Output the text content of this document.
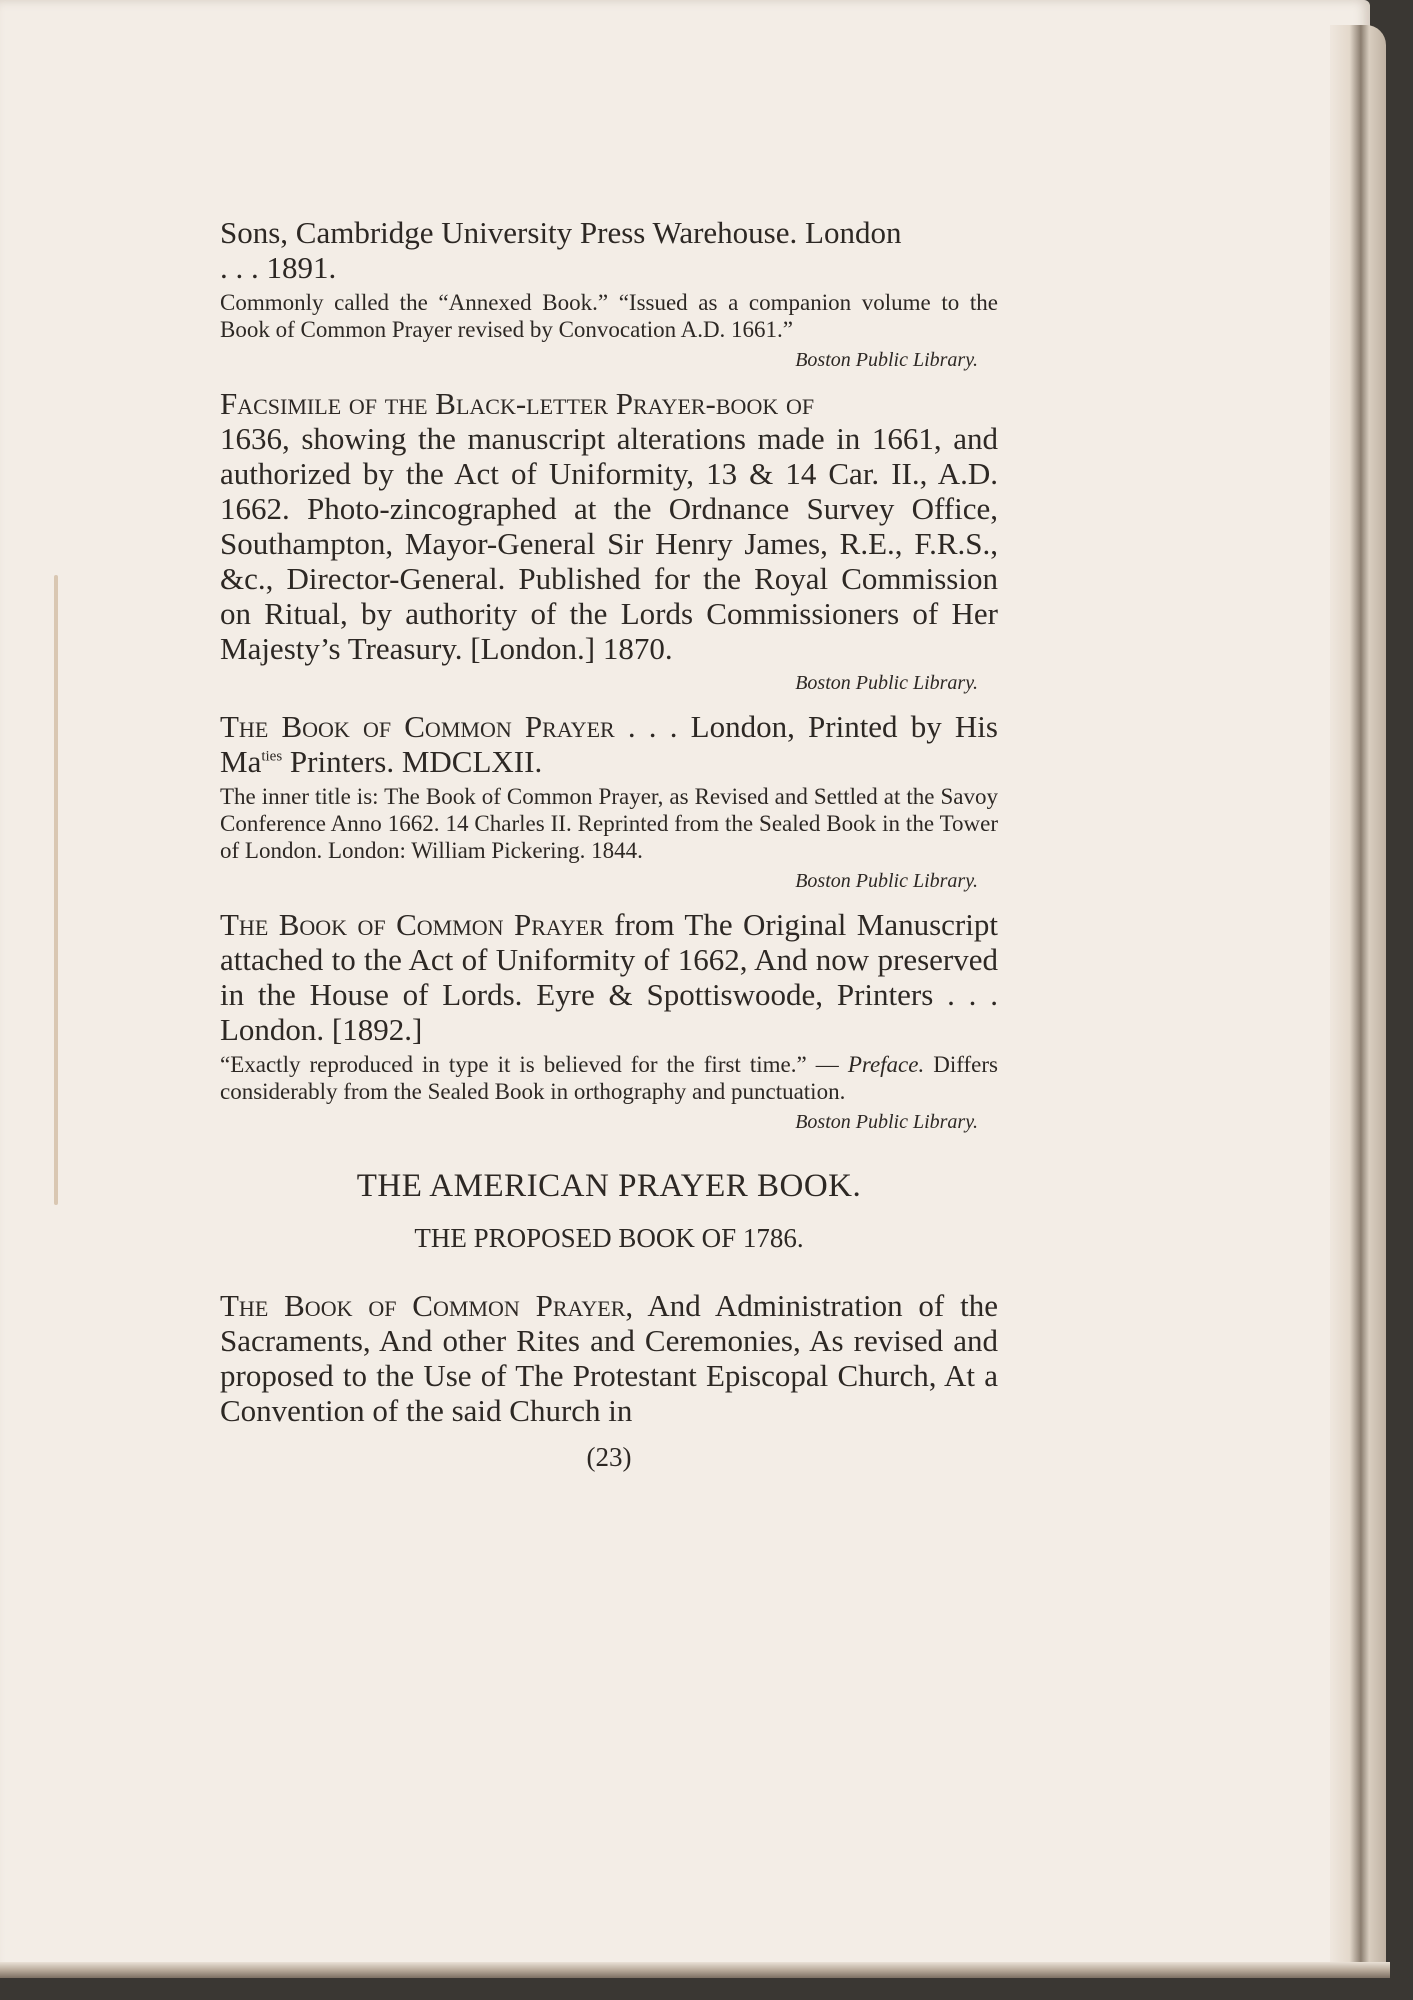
Sons, Cambridge University Press Warehouse. London

. . . 1891.

Commonly called the “Annexed Book.” “Issued as a companion volume to the Book of Common Prayer revised by Convocation A.D. 1661.”

Boston Public Library.

Facsimile of the Black-letter Prayer-book of

1636, showing the manuscript alterations made in 1661, and authorized by the Act of Uniformity, 13 & 14 Car. II., A.D. 1662. Photo-zincographed at the Ordnance Survey Office, Southampton, Mayor-General Sir Henry James, R.E., F.R.S., &c., Director-General. Published for the Royal Commission on Ritual, by authority of the Lords Commissioners of Her Majesty’s Treasury. [London.] 1870.

Boston Public Library.

The Book of Common Prayer . . . London, Printed by His $Ma^{ties}$ Printers. MDCLXII.

The inner title is: The Book of Common Prayer, as Revised and Settled at the Savoy Conference Anno 1662. 14 Charles II. Reprinted from the Sealed Book in the Tower of London. London: William Pickering. 1844.

Boston Public Library.

The Book of Common Prayer from The Original Manuscript attached to the Act of Uniformity of 1662, And now preserved in the House of Lords. Eyre & Spottiswoode, Printers . . . London. [1892.]

“Exactly reproduced in type it is believed for the first time.” — Preface. Differs considerably from the Sealed Book in orthography and punctuation.

Boston Public Library.

THE AMERICAN PRAYER BOOK.
THE PROPOSED BOOK OF 1786.

The Book of Common Prayer, And Administration of the Sacraments, And other Rites and Ceremonies, As revised and proposed to the Use of The Protestant Episcopal Church, At a Convention of the said Church in

(23)
